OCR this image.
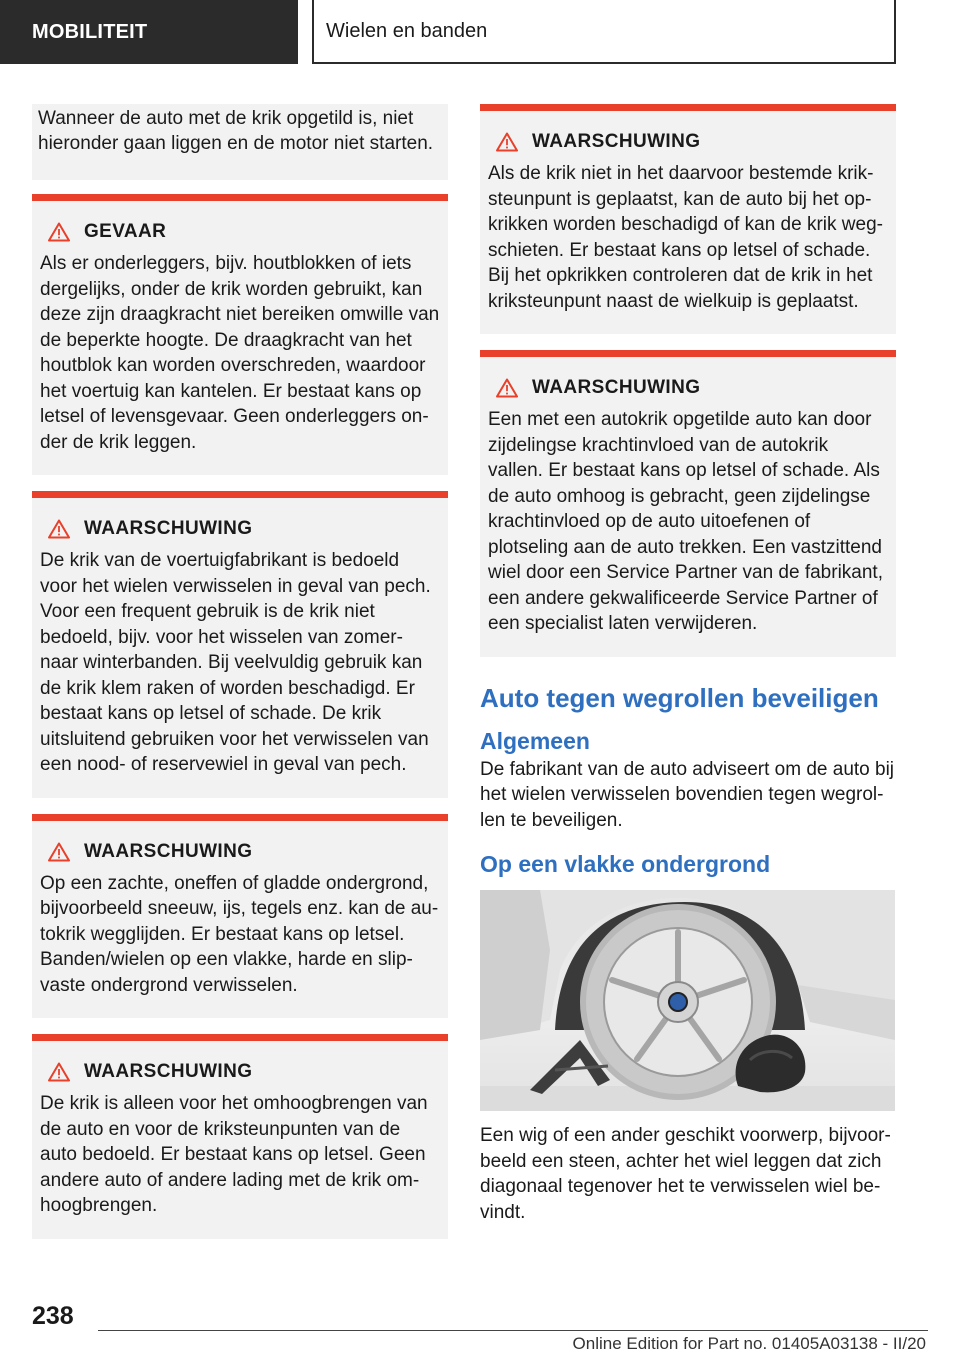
MOBILITEIT	Wielen en banden

Wanneer de auto met de krik opgetild is, niet hieronder gaan liggen en de motor niet starten.

GEVAAR

Als er onderleggers, bijv. houtblokken of iets dergelijks, onder de krik worden gebruikt, kan deze zijn draagkracht niet bereiken omwille van de beperkte hoogte. De draagkracht van het houtblok kan worden overschreden, waardoor het voertuig kan kantelen. Er bestaat kans op letsel of levensgevaar. Geen onderleggers onder de krik leggen.

WAARSCHUWING

De krik van de voertuigfabrikant is bedoeld voor het wielen verwisselen in geval van pech. Voor een frequent gebruik is de krik niet bedoeld, bijv. voor het wisselen van zomer- naar winterbanden. Bij veelvuldig gebruik kan de krik klem raken of worden beschadigd. Er bestaat kans op letsel of schade. De krik uitsluitend gebruiken voor het verwisselen van een nood- of reservewiel in geval van pech.

WAARSCHUWING

Op een zachte, oneffen of gladde ondergrond, bijvoorbeeld sneeuw, ijs, tegels enz. kan de autokrik wegglijden. Er bestaat kans op letsel. Banden/wielen op een vlakke, harde en slipvaste ondergrond verwisselen.

WAARSCHUWING

De krik is alleen voor het omhoogbrengen van de auto en voor de kriksteunpunten van de auto bedoeld. Er bestaat kans op letsel. Geen andere auto of andere lading met de krik omhoogbrengen.

WAARSCHUWING

Als de krik niet in het daarvoor bestemde kriksteunpunt is geplaatst, kan de auto bij het opkrikken worden beschadigd of kan de krik wegschieten. Er bestaat kans op letsel of schade. Bij het opkrikken controleren dat de krik in het kriksteunpunt naast de wielkuip is geplaatst.

WAARSCHUWING

Een met een autokrik opgetilde auto kan door zijdelingse krachtinvloed van de autokrik vallen. Er bestaat kans op letsel of schade. Als de auto omhoog is gebracht, geen zijdelingse krachtinvloed op de auto uitoefenen of plotseling aan de auto trekken. Een vastzittend wiel door een Service Partner van de fabrikant, een andere gekwalificeerde Service Partner of een specialist laten verwijderen.

Auto tegen wegrollen beveiligen
Algemeen

De fabrikant van de auto adviseert om de auto bij het wielen verwisselen bovendien tegen wegrollen te beveiligen.

Op een vlakke ondergrond

Een wig of een ander geschikt voorwerp, bijvoorbeeld een steen, achter het wiel leggen dat zich diagonaal tegenover het te verwisselen wiel bevindt.

238
Online Edition for Part no. 01405A03138 - II/20
